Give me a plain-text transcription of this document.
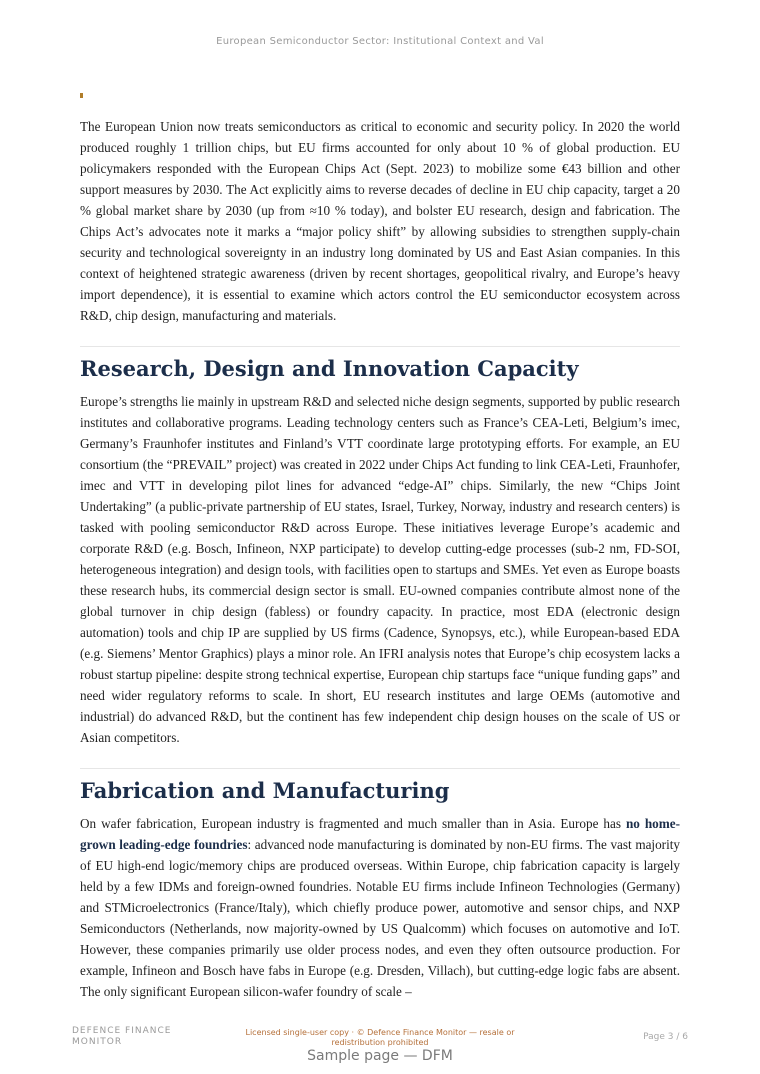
European Semiconductor Sector: Institutional Context and Val

The European Union now treats semiconductors as critical to economic and security policy. In 2020 the world produced roughly 1 trillion chips, but EU firms accounted for only about 10 % of global production. EU policymakers responded with the European Chips Act (Sept. 2023) to mobilize some €43 billion and other support measures by 2030. The Act explicitly aims to reverse decades of decline in EU chip capacity, target a 20 % global market share by 2030 (up from ≈10 % today), and bolster EU research, design and fabrication. The Chips Act’s advocates note it marks a “major policy shift” by allowing subsidies to strengthen supply-chain security and technological sovereignty in an industry long dominated by US and East Asian companies. In this context of heightened strategic awareness (driven by recent shortages, geopolitical rivalry, and Europe’s heavy import dependence), it is essential to examine which actors control the EU semiconductor ecosystem across R&D, chip design, manufacturing and materials.

Research, Design and Innovation Capacity

Europe’s strengths lie mainly in upstream R&D and selected niche design segments, supported by public research institutes and collaborative programs. Leading technology centers such as France’s CEA-Leti, Belgium’s imec, Germany’s Fraunhofer institutes and Finland’s VTT coordinate large prototyping efforts. For example, an EU consortium (the “PREVAIL” project) was created in 2022 under Chips Act funding to link CEA-Leti, Fraunhofer, imec and VTT in developing pilot lines for advanced “edge-AI” chips. Similarly, the new “Chips Joint Undertaking” (a public-private partnership of EU states, Israel, Turkey, Norway, industry and research centers) is tasked with pooling semiconductor R&D across Europe. These initiatives leverage Europe’s academic and corporate R&D (e.g. Bosch, Infineon, NXP participate) to develop cutting-edge processes (sub-2 nm, FD-SOI, heterogeneous integration) and design tools, with facilities open to startups and SMEs. Yet even as Europe boasts these research hubs, its commercial design sector is small. EU-owned companies contribute almost none of the global turnover in chip design (fabless) or foundry capacity. In practice, most EDA (electronic design automation) tools and chip IP are supplied by US firms (Cadence, Synopsys, etc.), while European-based EDA (e.g. Siemens’ Mentor Graphics) plays a minor role. An IFRI analysis notes that Europe’s chip ecosystem lacks a robust startup pipeline: despite strong technical expertise, European chip startups face “unique funding gaps” and need wider regulatory reforms to scale. In short, EU research institutes and large OEMs (automotive and industrial) do advanced R&D, but the continent has few independent chip design houses on the scale of US or Asian competitors.

Fabrication and Manufacturing

On wafer fabrication, European industry is fragmented and much smaller than in Asia. Europe has no home-grown leading-edge foundries: advanced node manufacturing is dominated by non-EU firms. The vast majority of EU high-end logic/memory chips are produced overseas. Within Europe, chip fabrication capacity is largely held by a few IDMs and foreign-owned foundries. Notable EU firms include Infineon Technologies (Germany) and STMicroelectronics (France/Italy), which chiefly produce power, automotive and sensor chips, and NXP Semiconductors (Netherlands, now majority-owned by US Qualcomm) which focuses on automotive and IoT. However, these companies primarily use older process nodes, and even they often outsource production. For example, Infineon and Bosch have fabs in Europe (e.g. Dresden, Villach), but cutting-edge logic fabs are absent. The only significant European silicon-wafer foundry of scale –

DEFENCE FINANCE
MONITOR
Licensed single-user copy · © Defence Finance Monitor — resale or redistribution prohibited
Page 3 / 6
Sample page — DFM
